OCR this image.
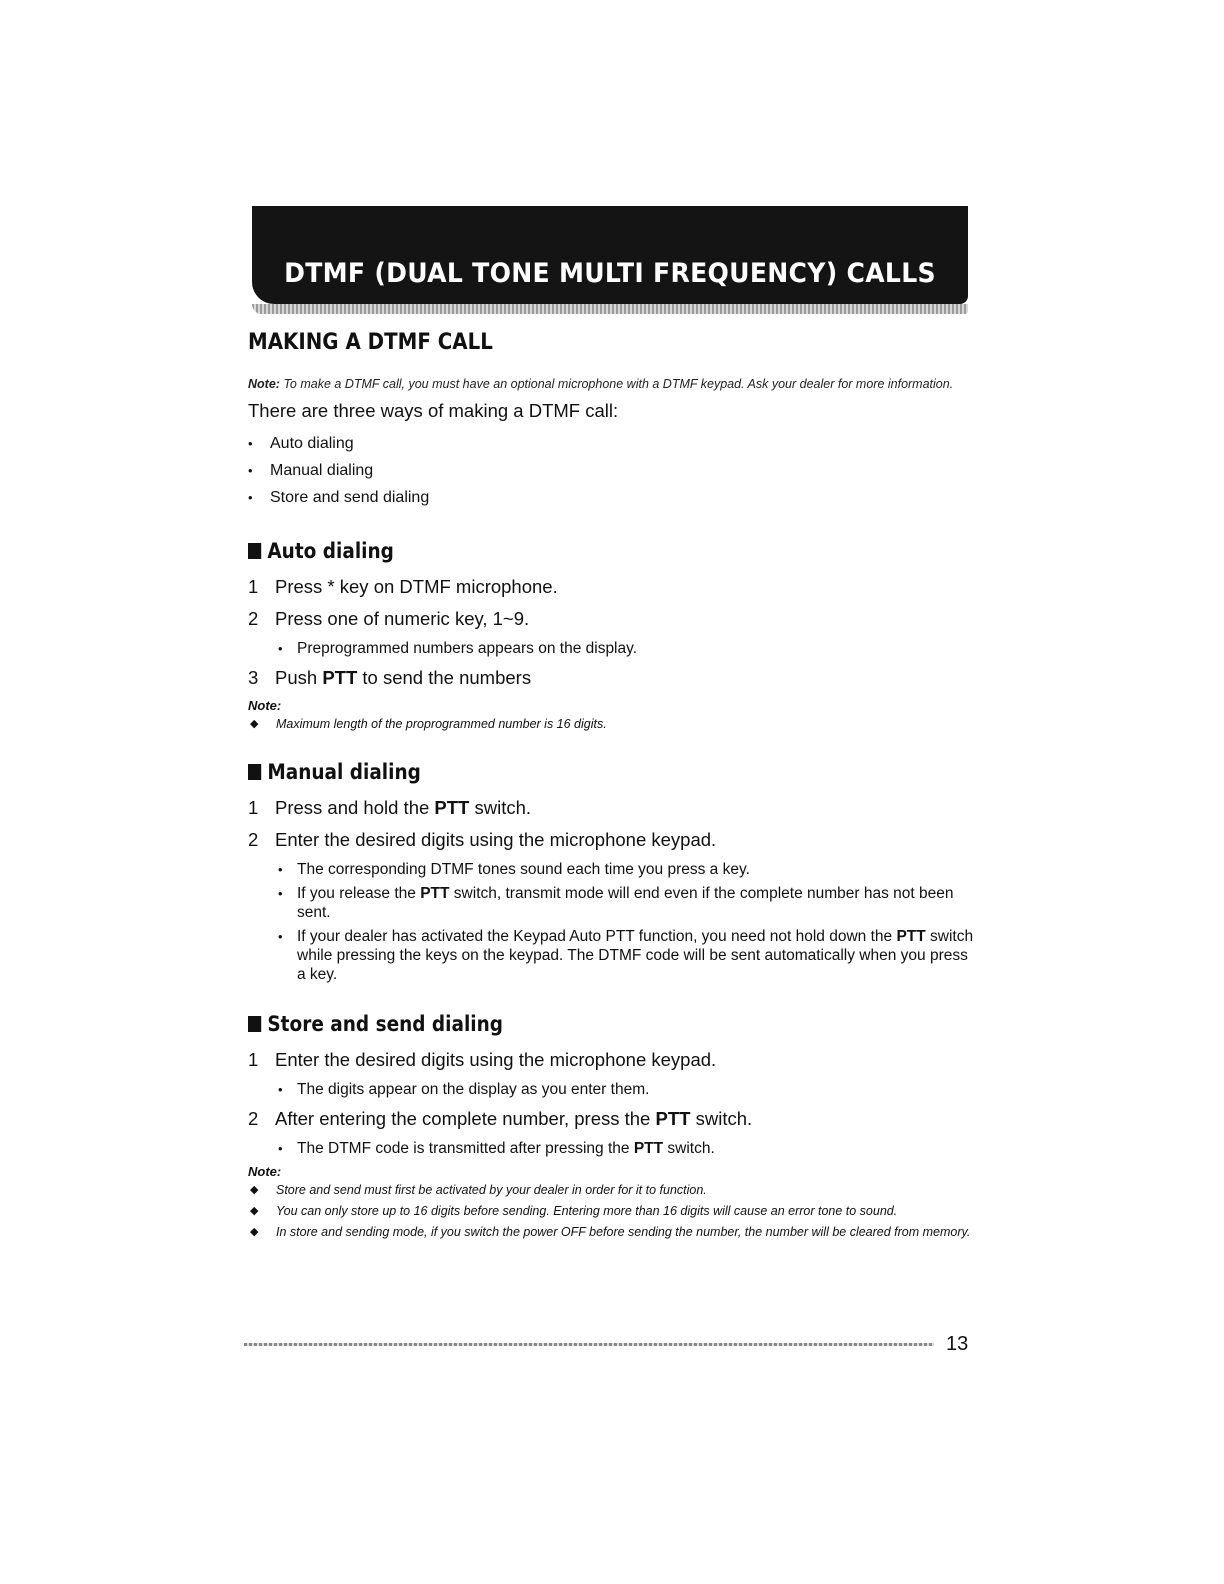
DTMF (DUAL TONE MULTI FREQUENCY) CALLS
MAKING A DTMF CALL

Note: To make a DTMF call, you must have an optional microphone with a DTMF keypad. Ask your dealer for more information.

There are three ways of making a DTMF call:
• Auto dialing
• Manual dialing
• Store and send dialing
Auto dialing
1 Press * key on DTMF microphone.
2 Press one of numeric key, 1~9.
• Preprogrammed numbers appears on the display.
3 Push PTT to send the numbers
Note:
◆ Maximum length of the proprogrammed number is 16 digits.
Manual dialing
1 Press and hold the PTT switch.
2 Enter the desired digits using the microphone keypad.
• The corresponding DTMF tones sound each time you press a key.
• If you release the PTT switch, transmit mode will end even if the complete number has not been sent.
• If your dealer has activated the Keypad Auto PTT function, you need not hold down the PTT switch while pressing the keys on the keypad. The DTMF code will be sent automatically when you press a key.
Store and send dialing
1 Enter the desired digits using the microphone keypad.
• The digits appear on the display as you enter them.
2 After entering the complete number, press the PTT switch.
• The DTMF code is transmitted after pressing the PTT switch.
Note:
◆ Store and send must first be activated by your dealer in order for it to function.
◆ You can only store up to 16 digits before sending. Entering more than 16 digits will cause an error tone to sound.
◆ In store and sending mode, if you switch the power OFF before sending the number, the number will be cleared from memory.
13
